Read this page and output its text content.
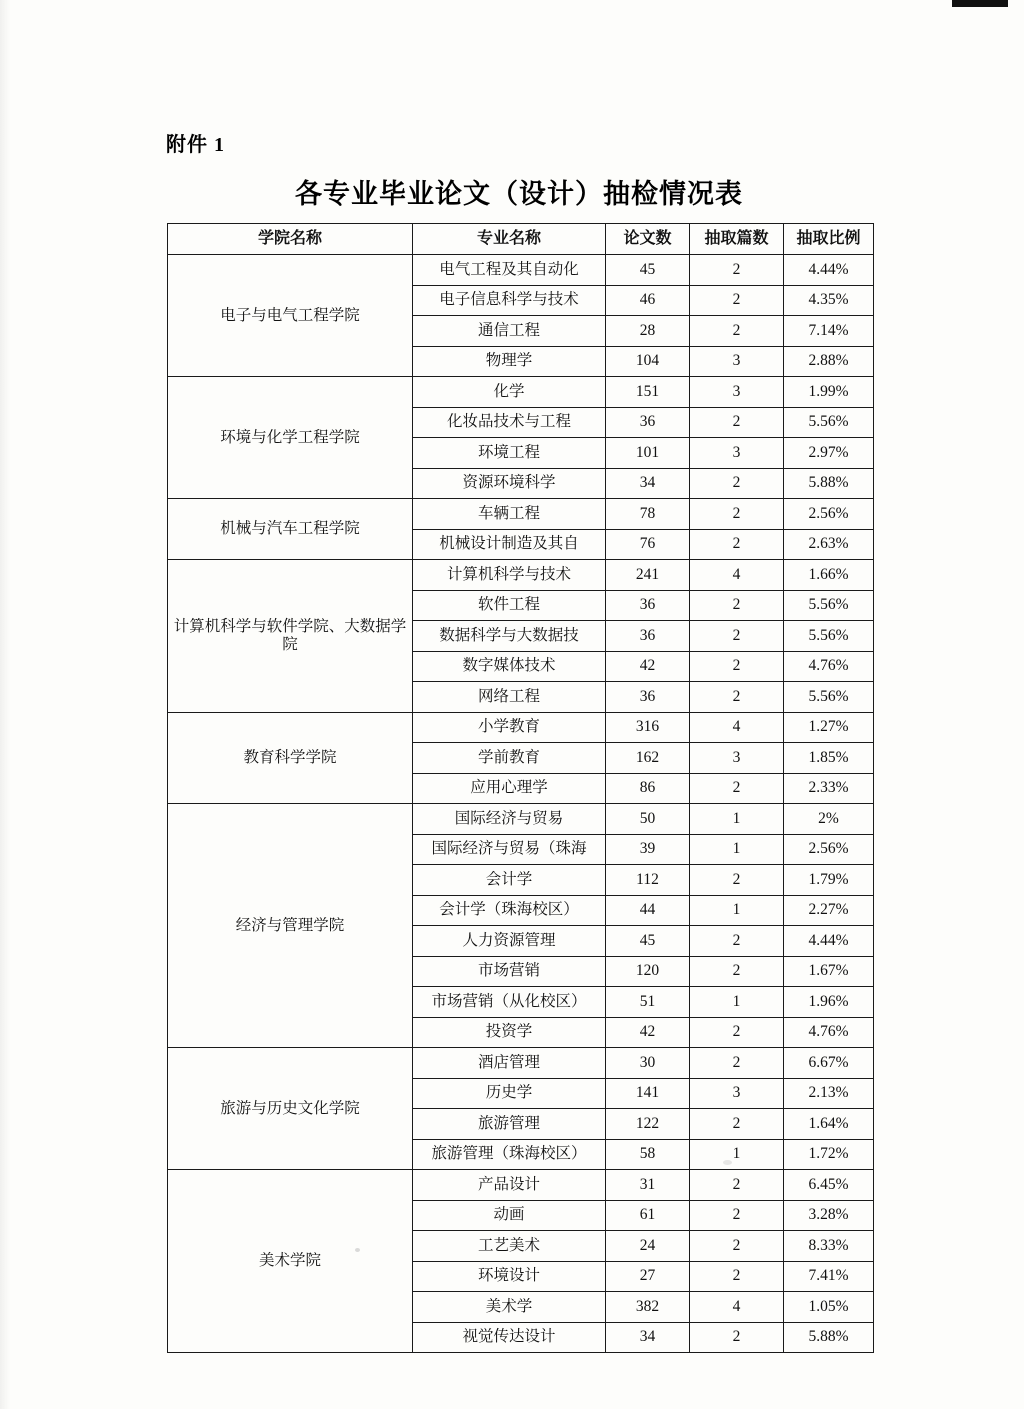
附件 1
各专业毕业论文（设计）抽检情况表
学院名称	专业名称	论文数	抽取篇数	抽取比例
电子与电气工程学院	电气工程及其自动化	45	2	4.44%
	电子信息科学与技术	46	2	4.35%
	通信工程	28	2	7.14%
	物理学	104	3	2.88%
环境与化学工程学院	化学	151	3	1.99%
	化妆品技术与工程	36	2	5.56%
	环境工程	101	3	2.97%
	资源环境科学	34	2	5.88%
机械与汽车工程学院	车辆工程	78	2	2.56%
	机械设计制造及其自	76	2	2.63%
计算机科学与软件学院、大数据学院	计算机科学与技术	241	4	1.66%
	软件工程	36	2	5.56%
	数据科学与大数据技	36	2	5.56%
	数字媒体技术	42	2	4.76%
	网络工程	36	2	5.56%
教育科学学院	小学教育	316	4	1.27%
	学前教育	162	3	1.85%
	应用心理学	86	2	2.33%
经济与管理学院	国际经济与贸易	50	1	2%
	国际经济与贸易（珠海	39	1	2.56%
	会计学	112	2	1.79%
	会计学（珠海校区）	44	1	2.27%
	人力资源管理	45	2	4.44%
	市场营销	120	2	1.67%
	市场营销（从化校区）	51	1	1.96%
	投资学	42	2	4.76%
旅游与历史文化学院	酒店管理	30	2	6.67%
	历史学	141	3	2.13%
	旅游管理	122	2	1.64%
	旅游管理（珠海校区）	58	1	1.72%
美术学院	产品设计	31	2	6.45%
	动画	61	2	3.28%
	工艺美术	24	2	8.33%
	环境设计	27	2	7.41%
	美术学	382	4	1.05%
	视觉传达设计	34	2	5.88%
